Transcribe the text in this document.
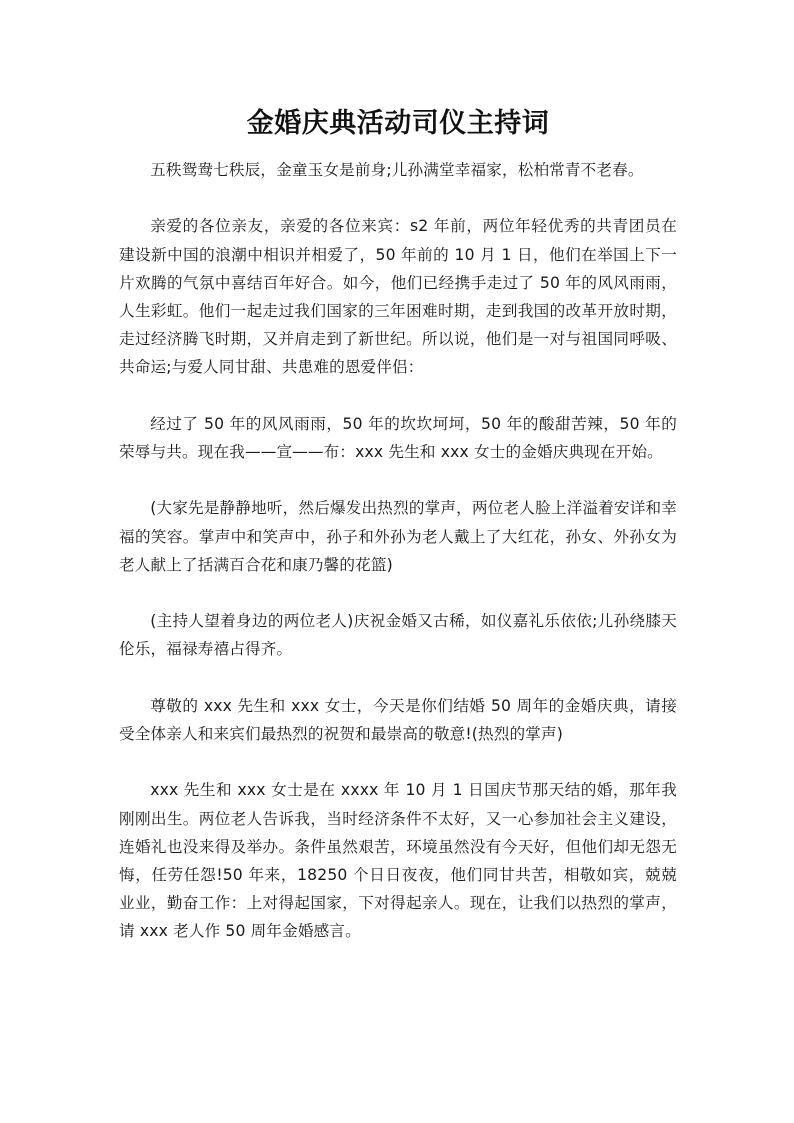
金婚庆典活动司仪主持词

五秩鸳鸯七秩辰，金童玉女是前身;儿孙满堂幸福家，松柏常青不老春。

亲爱的各位亲友，亲爱的各位来宾：s2 年前，两位年轻优秀的共青团员在建设新中国的浪潮中相识并相爱了，50 年前的 10 月 1 日，他们在举国上下一片欢腾的气氛中喜结百年好合。如今，他们已经携手走过了 50 年的风风雨雨，人生彩虹。他们一起走过我们国家的三年困难时期，走到我国的改革开放时期，走过经济腾飞时期，又并肩走到了新世纪。所以说，他们是一对与祖国同呼吸、共命运;与爱人同甘甜、共患难的恩爱伴侣：

经过了 50 年的风风雨雨，50 年的坎坎坷坷，50 年的酸甜苦辣，50 年的荣辱与共。现在我——宣——布：xxx 先生和 xxx 女士的金婚庆典现在开始。

(大家先是静静地听，然后爆发出热烈的掌声，两位老人脸上洋溢着安详和幸福的笑容。掌声中和笑声中，孙子和外孙为老人戴上了大红花，孙女、外孙女为老人献上了括满百合花和康乃馨的花篮)

(主持人望着身边的两位老人)庆祝金婚又古稀，如仪嘉礼乐依依;儿孙绕膝天伦乐，福禄寿禧占得齐。

尊敬的 xxx 先生和 xxx 女士，今天是你们结婚 50 周年的金婚庆典，请接受全体亲人和来宾们最热烈的祝贺和最崇高的敬意!(热烈的掌声)

xxx 先生和 xxx 女士是在 xxxx 年 10 月 1 日国庆节那天结的婚，那年我刚刚出生。两位老人告诉我，当时经济条件不太好，又一心参加社会主义建设，连婚礼也没来得及举办。条件虽然艰苦，环境虽然没有今天好，但他们却无怨无悔，任劳任怨!50 年来，18250 个日日夜夜，他们同甘共苦，相敬如宾，兢兢业业，勤奋工作：上对得起国家，下对得起亲人。现在，让我们以热烈的掌声，请 xxx 老人作 50 周年金婚感言。
